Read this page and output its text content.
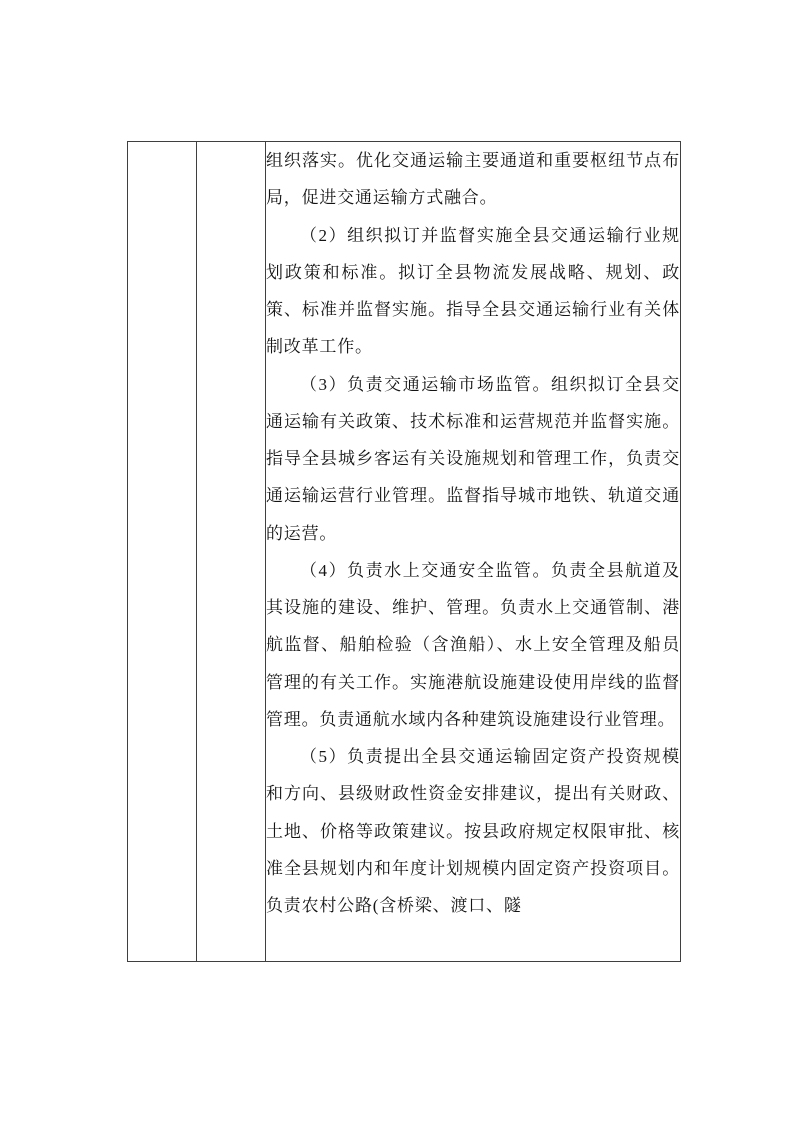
组织落实。优化交通运输主要通道和重要枢纽节点布局，促进交通运输方式融合。

（2）组织拟订并监督实施全县交通运输行业规划政策和标准。拟订全县物流发展战略、规划、政策、标准并监督实施。指导全县交通运输行业有关体制改革工作。

（3）负责交通运输市场监管。组织拟订全县交通运输有关政策、技术标准和运营规范并监督实施。指导全县城乡客运有关设施规划和管理工作，负责交通运输运营行业管理。监督指导城市地铁、轨道交通的运营。

（4）负责水上交通安全监管。负责全县航道及其设施的建设、维护、管理。负责水上交通管制、港航监督、船舶检验（含渔船）、水上安全管理及船员管理的有关工作。实施港航设施建设使用岸线的监督管理。负责通航水域内各种建筑设施建设行业管理。

（5）负责提出全县交通运输固定资产投资规模和方向、县级财政性资金安排建议，提出有关财政、土地、价格等政策建议。按县政府规定权限审批、核准全县规划内和年度计划规模内固定资产投资项目。负责农村公路(含桥梁、渡口、隧
